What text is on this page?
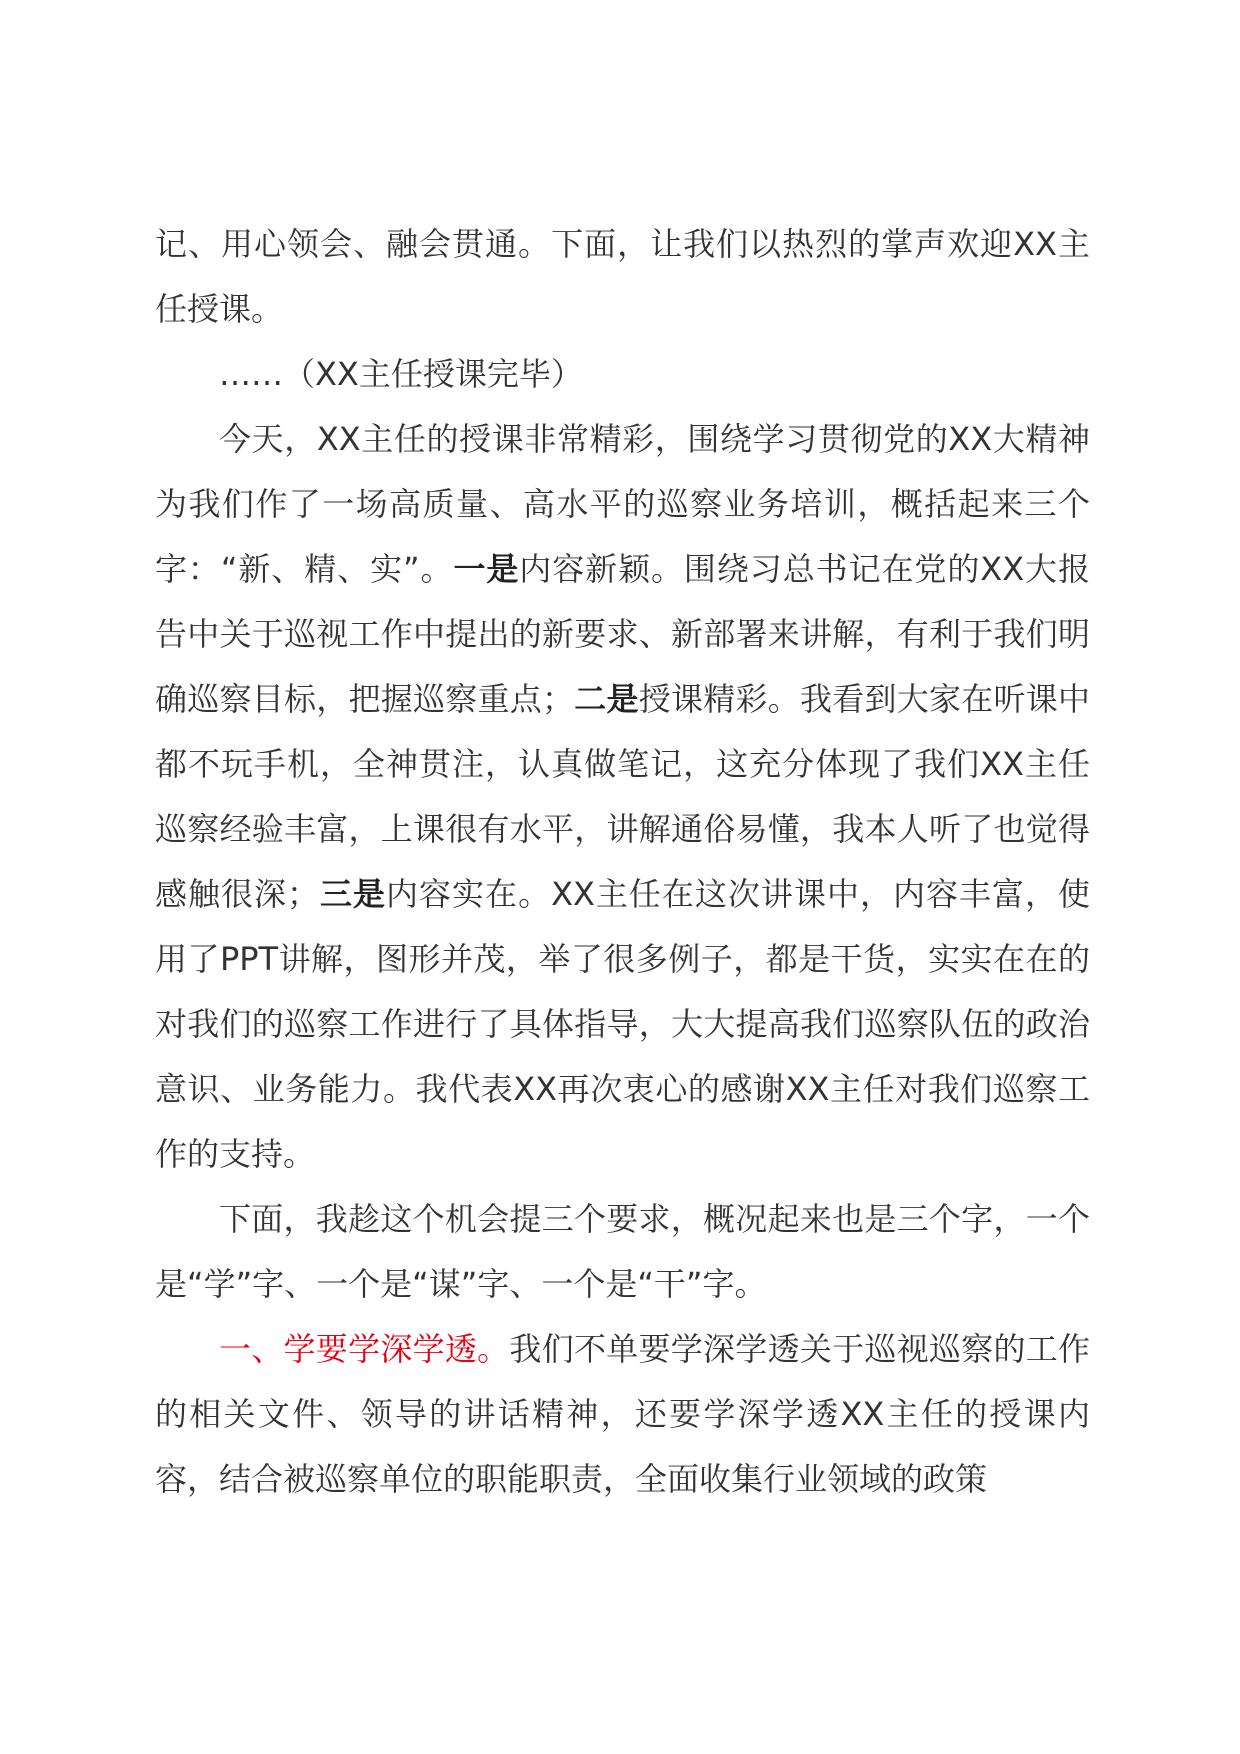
记、用心领会、融会贯通。下面，让我们以热烈的掌声欢迎XX主任授课。

……（XX主任授课完毕）

今天，XX主任的授课非常精彩，围绕学习贯彻党的XX大精神为我们作了一场高质量、高水平的巡察业务培训，概括起来三个字：“新、精、实”。一是内容新颖。围绕习总书记在党的XX大报告中关于巡视工作中提出的新要求、新部署来讲解，有利于我们明确巡察目标，把握巡察重点；二是授课精彩。我看到大家在听课中都不玩手机，全神贯注，认真做笔记，这充分体现了我们XX主任巡察经验丰富，上课很有水平，讲解通俗易懂，我本人听了也觉得感触很深；三是内容实在。XX主任在这次讲课中，内容丰富，使用了PPT讲解，图形并茂，举了很多例子，都是干货，实实在在的对我们的巡察工作进行了具体指导，大大提高我们巡察队伍的政治意识、业务能力。我代表XX再次衷心的感谢XX主任对我们巡察工作的支持。

下面，我趁这个机会提三个要求，概况起来也是三个字，一个是“学”字、一个是“谋”字、一个是“干”字。

一、学要学深学透。我们不单要学深学透关于巡视巡察的工作的相关文件、领导的讲话精神，还要学深学透XX主任的授课内容，结合被巡察单位的职能职责，全面收集行业领域的政策
